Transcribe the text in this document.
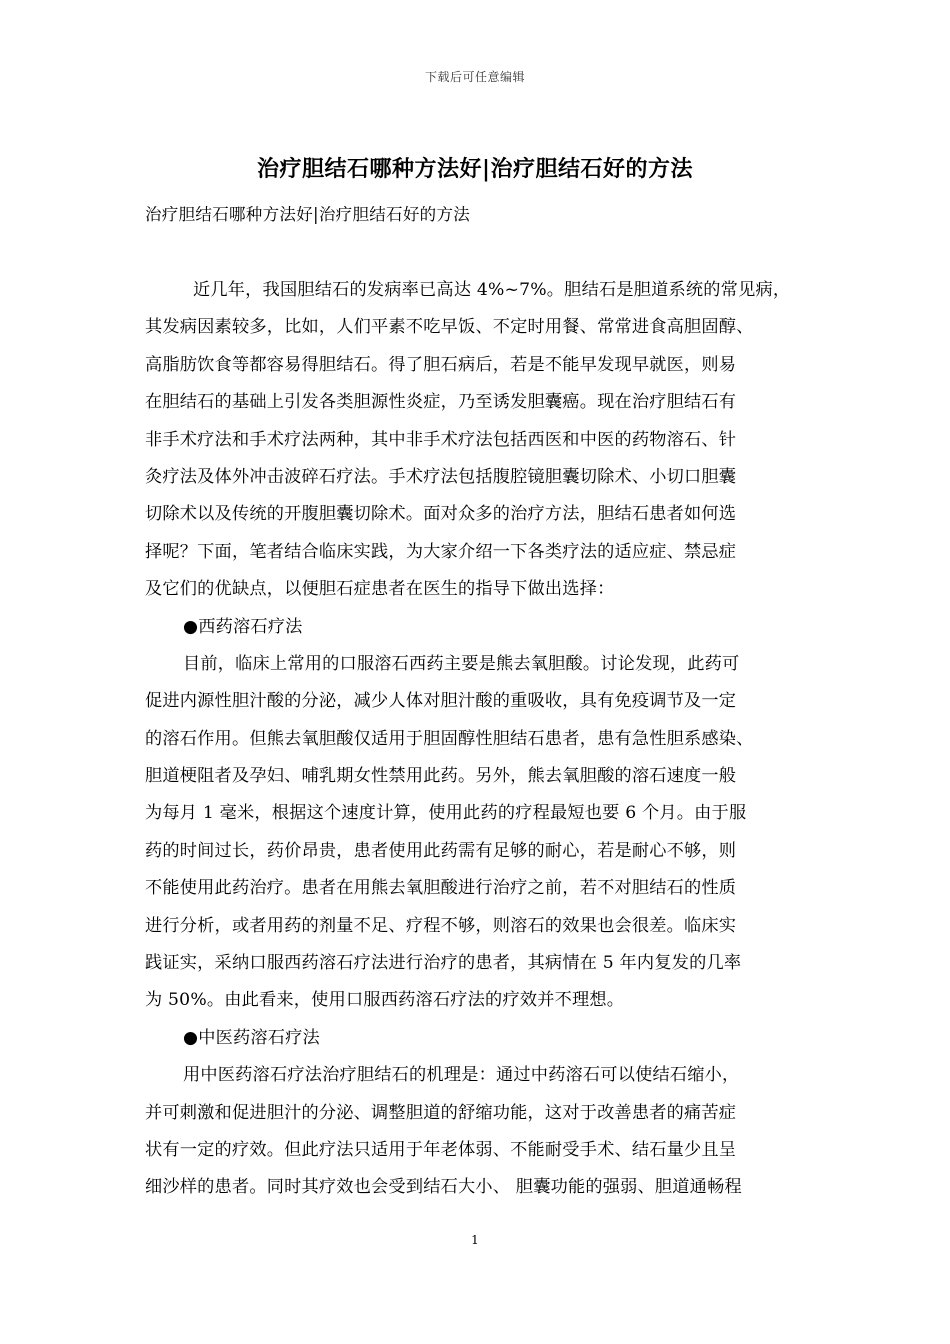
下载后可任意编辑
治疗胆结石哪种方法好|治疗胆结石好的方法
治疗胆结石哪种方法好|治疗胆结石好的方法
近几年，我国胆结石的发病率已高达 4%~7%。胆结石是胆道系统的常见病，
其发病因素较多，比如，人们平素不吃早饭、不定时用餐、常常进食高胆固醇、
高脂肪饮食等都容易得胆结石。得了胆石病后，若是不能早发现早就医，则易
在胆结石的基础上引发各类胆源性炎症，乃至诱发胆囊癌。现在治疗胆结石有
非手术疗法和手术疗法两种，其中非手术疗法包括西医和中医的药物溶石、针
灸疗法及体外冲击波碎石疗法。手术疗法包括腹腔镜胆囊切除术、小切口胆囊
切除术以及传统的开腹胆囊切除术。面对众多的治疗方法，胆结石患者如何选
择呢？下面，笔者结合临床实践，为大家介绍一下各类疗法的适应症、禁忌症
及它们的优缺点，以便胆石症患者在医生的指导下做出选择：
●西药溶石疗法
目前，临床上常用的口服溶石西药主要是熊去氧胆酸。讨论发现，此药可
促进内源性胆汁酸的分泌，减少人体对胆汁酸的重吸收，具有免疫调节及一定
的溶石作用。但熊去氧胆酸仅适用于胆固醇性胆结石患者，患有急性胆系感染、
胆道梗阻者及孕妇、哺乳期女性禁用此药。另外，熊去氧胆酸的溶石速度一般
为每月 1 毫米，根据这个速度计算，使用此药的疗程最短也要 6 个月。由于服
药的时间过长，药价昂贵，患者使用此药需有足够的耐心，若是耐心不够，则
不能使用此药治疗。患者在用熊去氧胆酸进行治疗之前，若不对胆结石的性质
进行分析，或者用药的剂量不足、疗程不够，则溶石的效果也会很差。临床实
践证实，采纳口服西药溶石疗法进行治疗的患者，其病情在 5 年内复发的几率
为 50%。由此看来，使用口服西药溶石疗法的疗效并不理想。
●中医药溶石疗法
用中医药溶石疗法治疗胆结石的机理是：通过中药溶石可以使结石缩小，
并可刺激和促进胆汁的分泌、调整胆道的舒缩功能，这对于改善患者的痛苦症
状有一定的疗效。但此疗法只适用于年老体弱、不能耐受手术、结石量少且呈
细沙样的患者。同时其疗效也会受到结石大小、 胆囊功能的强弱、胆道通畅程
1
